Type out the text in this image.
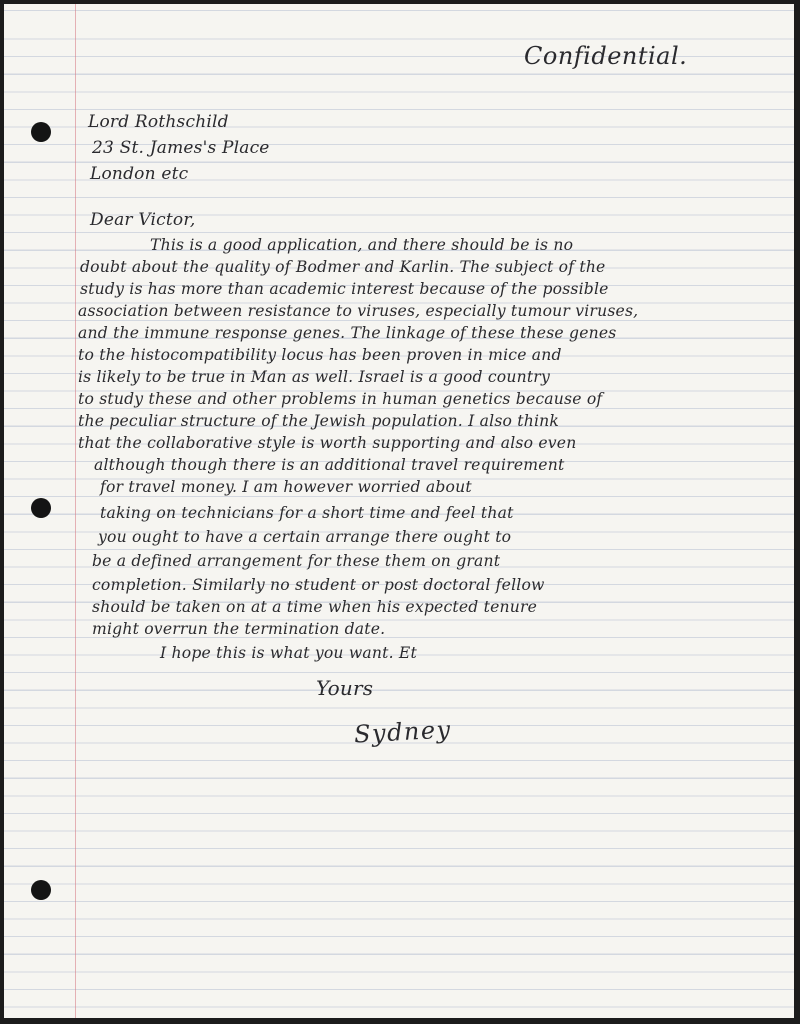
Confidential.
Lord Rothschild
23 St. James's Place
London etc
Dear Victor,
This is a good application, and there should be is no
doubt about the quality of Bodmer and Karlin. The subject of the
study is has more than academic interest because of the possible
association between resistance to viruses, especially tumour viruses,
and the immune response genes. The linkage of these these genes
to the histocompatibility locus has been proven in mice and
is likely to be true in Man as well. Israel is a good country
to study these and other problems in human genetics because of
the peculiar structure of the Jewish population. I also think
that the collaborative style is worth supporting and also even
although though there is an additional travel requirement
for travel money. I am however worried about
taking on technicians for a short time and feel that
you ought to have a certain arrange there ought to
be a defined arrangement for these them on grant
completion. Similarly no student or post doctoral fellow
should be taken on at a time when his expected tenure
might overrun the termination date.
I hope this is what you want. Et
Yours
Sydney
